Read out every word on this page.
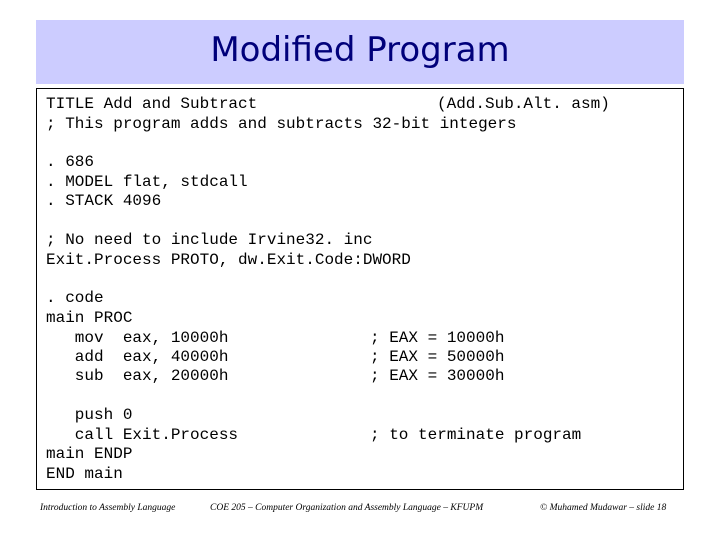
Modified Program
TITLE Add and Subtract	(Add.Sub.Alt. asm)
; This program adds and subtracts 32-bit integers
. 686
. MODEL flat, stdcall
. STACK 4096
; No need to include Irvine32. inc
Exit.Process PROTO, dw.Exit.Code:DWORD
. code
main PROC
mov  eax, 10000h	; EAX = 10000h
add  eax, 40000h	; EAX = 50000h
sub  eax, 20000h	; EAX = 30000h
push 0
call Exit.Process	; to terminate program
main ENDP
END main
Introduction to Assembly Language	COE 205 – Computer Organization and Assembly Language – KFUPM	© Muhamed Mudawar – slide 18
